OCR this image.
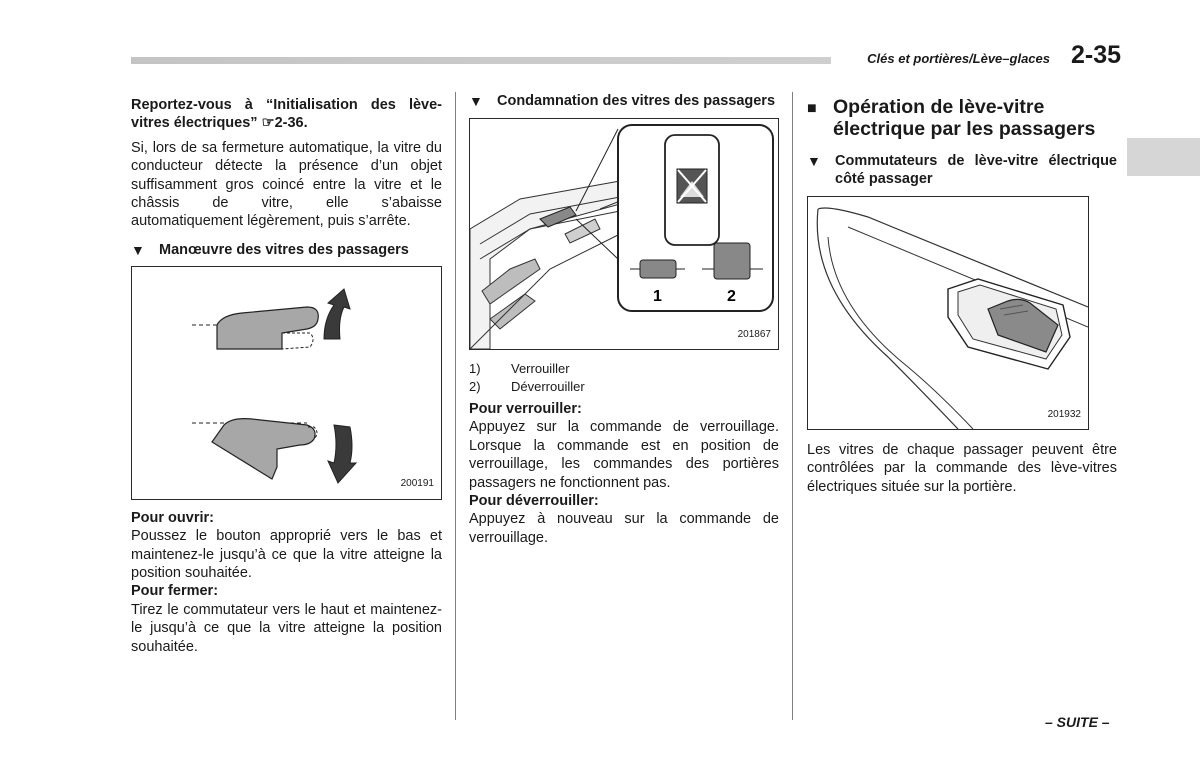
Clés et portières/Lève–glaces 2-35

Reportez-vous à “Initialisation des lève-vitres électriques” ☞2-36.

Si, lors de sa fermeture automatique, la vitre du conducteur détecte la présence d’un objet suffisamment gros coincé entre la vitre et le châssis de vitre, elle s’abaisse automatiquement légèrement, puis s’arrête.

▼ Manœuvre des vitres des passagers
200191

Pour ouvrir:

Poussez le bouton approprié vers le bas et maintenez-le jusqu’à ce que la vitre atteigne la position souhaitée.

Pour fermer:

Tirez le commutateur vers le haut et maintenez-le jusqu’à ce que la vitre atteigne la position souhaitée.

▼ Condamnation des vitres des passagers
1	2
201867
1) Verrouiller
2) Déverrouiller

Pour verrouiller:

Appuyez sur la commande de verrouillage. Lorsque la commande est en position de verrouillage, les commandes des portières passagers ne fonctionnent pas.

Pour déverrouiller:

Appuyez à nouveau sur la commande de verrouillage.

■ Opération de lève-vitre électrique par les passagers
▼ Commutateurs de lève-vitre électrique côté passager
201932

Les vitres de chaque passager peuvent être contrôlées par la commande des lève-vitres électriques située sur la portière.

– SUITE –
